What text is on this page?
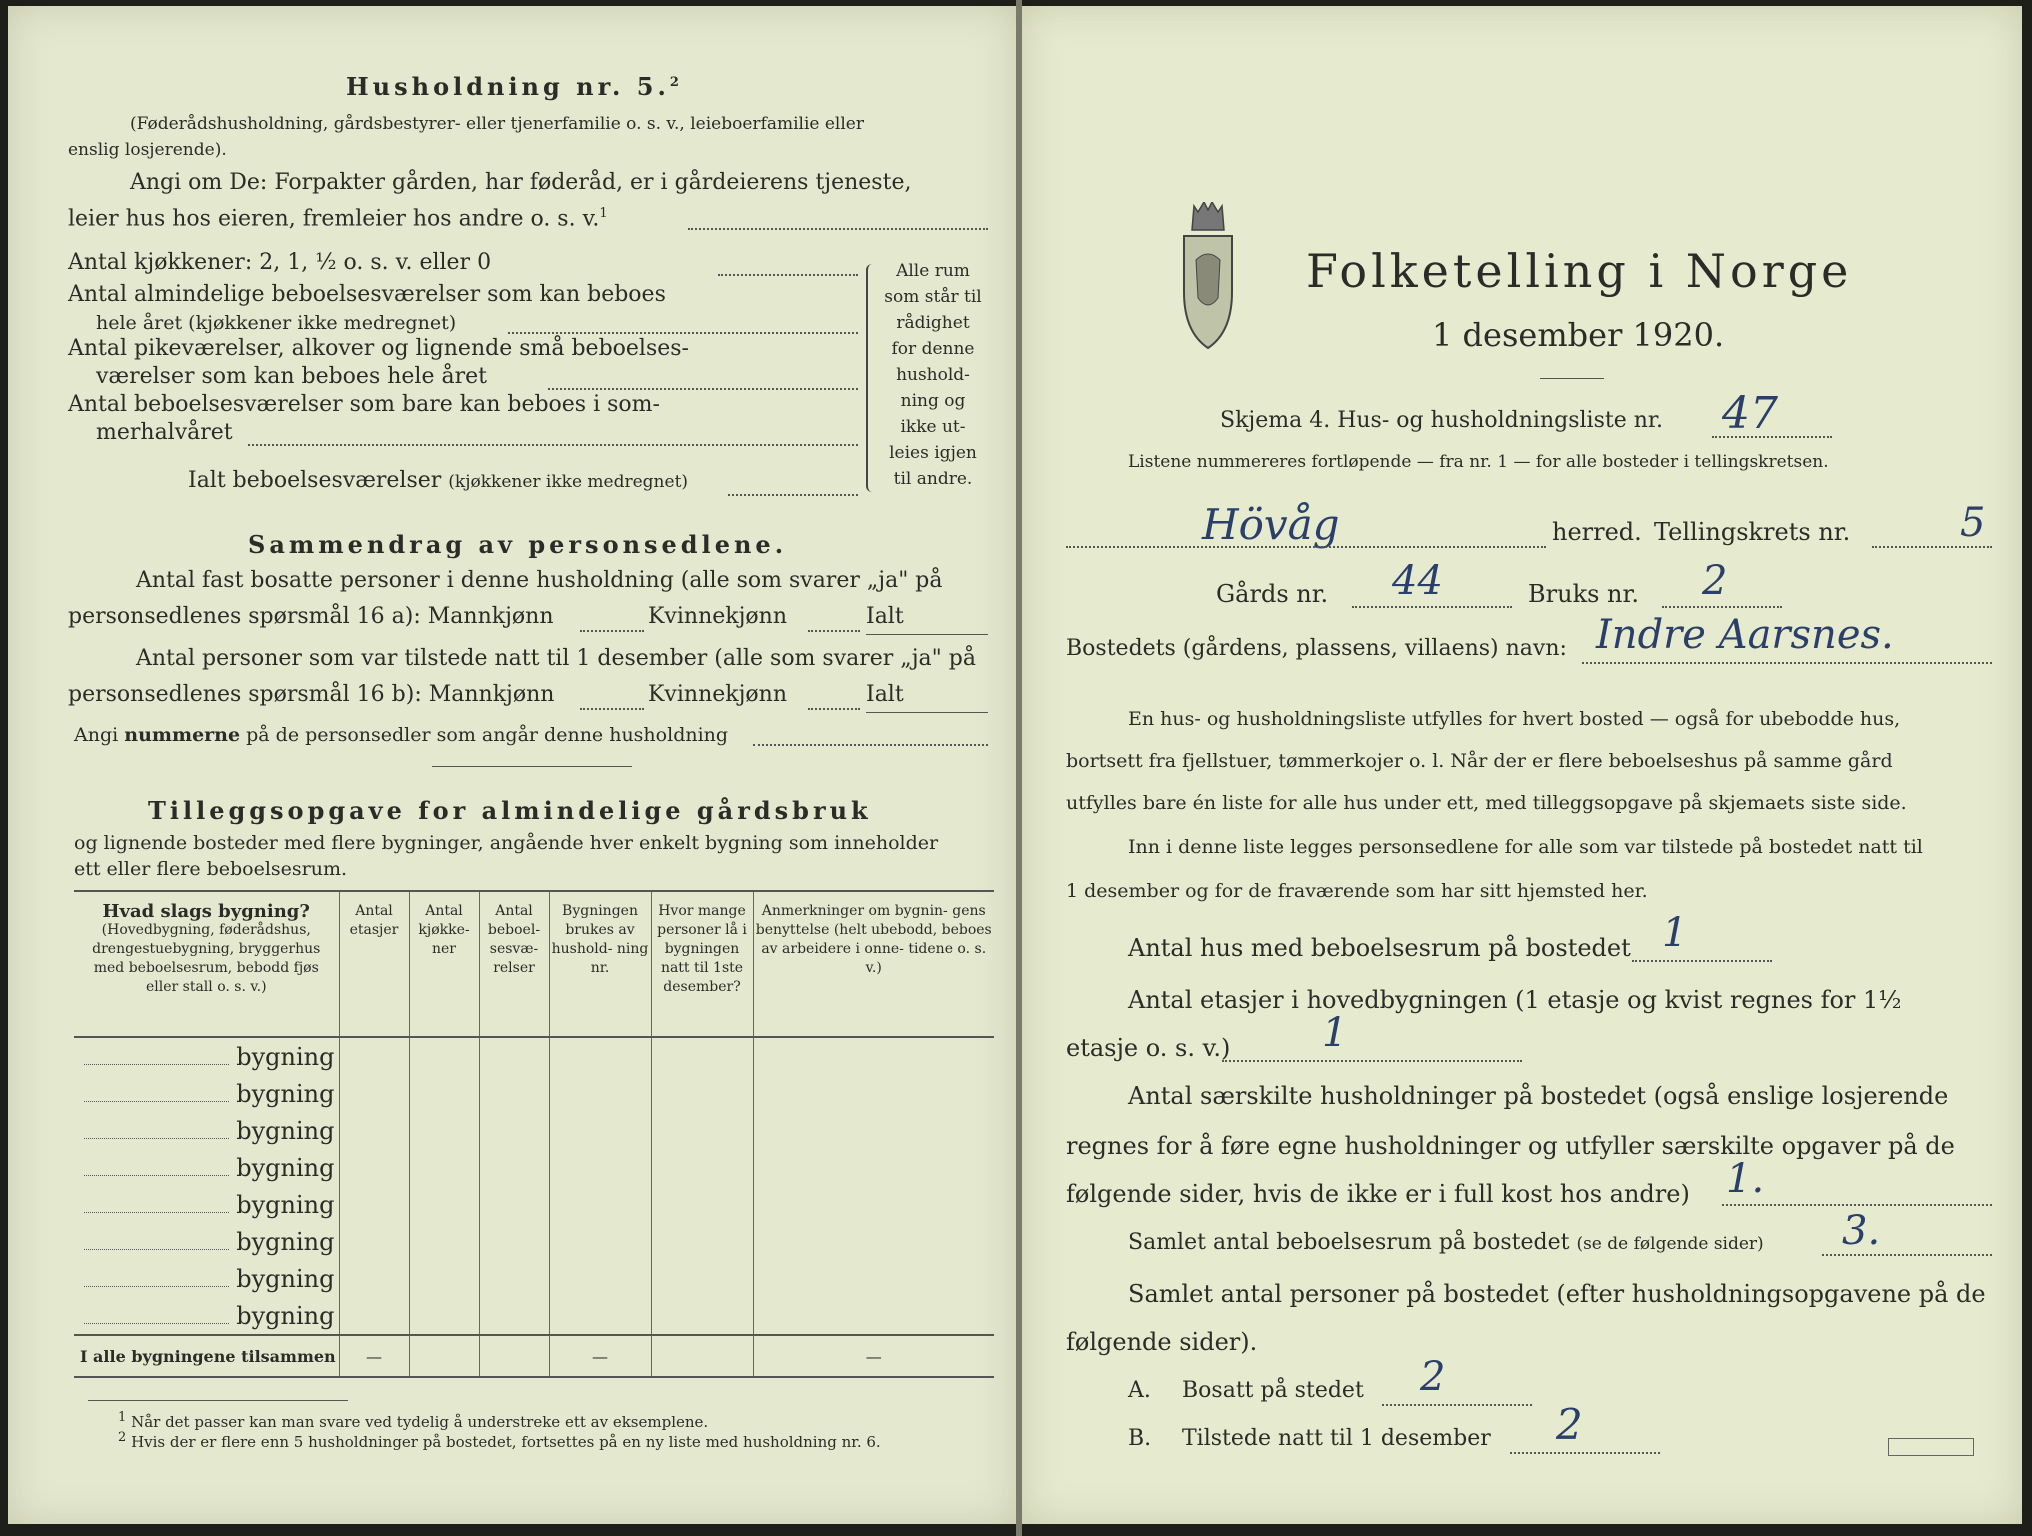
Husholdning nr. 5.$^2$
(Føderådshusholdning, gårdsbestyrer- eller tjenerfamilie o. s. v., leieboerfamilie eller
enslig losjerende).
Angi om De: Forpakter gården, har føderåd, er i gårdeierens tjeneste,
leier hus hos eieren, fremleier hos andre o. s. v.$^1$
Antal kjøkkener: 2, 1, ½ o. s. v. eller 0
Antal almindelige beboelsesværelser som kan beboes
hele året (kjøkkener ikke medregnet)
Antal pikeværelser, alkover og lignende små beboelses-
værelser som kan beboes hele året
Antal beboelsesværelser som bare kan beboes i som-
merhalvåret
Ialt beboelsesværelser (kjøkkener ikke medregnet)
Alle rum
som står til
rådighet
for denne
hushold-
ning og
ikke ut-
leies igjen
til andre.
Sammendrag av personsedlene.
Antal fast bosatte personer i denne husholdning (alle som svarer „ja" på
personsedlenes spørsmål 16 a): Mannkjønn	Kvinnekjønn	Ialt
Antal personer som var tilstede natt til 1 desember (alle som svarer „ja" på
personsedlenes spørsmål 16 b): Mannkjønn	Kvinnekjønn	Ialt
Angi nummerne på de personsedler som angår denne husholdning
Tilleggsopgave for almindelige gårdsbruk
og lignende bosteder med flere bygninger, angående hver enkelt bygning som inneholder
ett eller flere beboelsesrum.
Hvad slags bygning?
(Hovedbygning, føderådshus, drengestuebygning, bryggerhus med beboelsesrum, bebodd fjøs eller stall o. s. v.)	Antal etasjer	Antal kjøkke- ner	Antal beboel- sesvæ- relser	Bygningen brukes av hushold- ning nr.	Hvor mange personer lå i bygningen natt til 1ste desember?	Anmerkninger om bygnin- gens benyttelse (helt ubebodd, beboes av arbeidere i onne- tidene o. s. v.)

bygning						

bygning						

bygning						

bygning						

bygning						

bygning						

bygning						

bygning						
I alle bygningene tilsammen	—			—		—
$^1$ Når det passer kan man svare ved tydelig å understreke ett av eksemplene.
$^2$ Hvis der er flere enn 5 husholdninger på bostedet, fortsettes på en ny liste med husholdning nr. 6.
Folketelling i Norge
1 desember 1920.
Skjema 4. Hus- og husholdningsliste nr. 47
Listene nummereres fortløpende — fra nr. 1 — for alle bosteder i tellingskretsen.
Hövåg	herred. Tellingskrets nr.	5
Gårds nr. 44	Bruks nr. 2
Bostedets (gårdens, plassens, villaens) navn: Indre Aarsnes.
En hus- og husholdningsliste utfylles for hvert bosted — også for ubebodde hus,
bortsett fra fjellstuer, tømmerkojer o. l. Når der er flere beboelseshus på samme gård
utfylles bare én liste for alle hus under ett, med tilleggsopgave på skjemaets siste side.
Inn i denne liste legges personsedlene for alle som var tilstede på bostedet natt til
1 desember og for de fraværende som har sitt hjemsted her.
Antal hus med beboelsesrum på bostedet 1
Antal etasjer i hovedbygningen (1 etasje og kvist regnes for 1½
etasje o. s. v.) 1
Antal særskilte husholdninger på bostedet (også enslige losjerende
regnes for å føre egne husholdninger og utfyller særskilte opgaver på de
følgende sider, hvis de ikke er i full kost hos andre) 1.
Samlet antal beboelsesrum på bostedet (se de følgende sider) 3.
Samlet antal personer på bostedet (efter husholdningsopgavene på de
følgende sider).
A. Bosatt på stedet 2
B. Tilstede natt til 1 desember 2
